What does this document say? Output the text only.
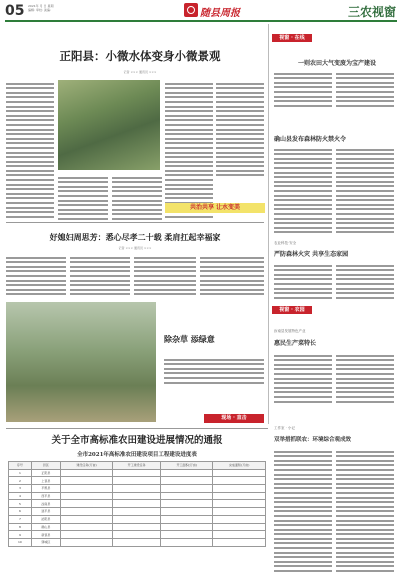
05 2021年 月 日 星期
编辑: 审校: 美编:	随县周报	三农视窗
正阳县：小微水体变身小微景观
记者 ××× 通讯员 ×××
共治共享 让水变美
好媳妇周思芳：悉心尽孝二十载 柔肩扛起幸福家
记者 ××× 通讯员 ×××
除杂草 添绿意
现场 · 直击
视窗 · 在线
一则农田大气变废为宝产建设
确山县发布森林防火禁火令
农业科技·安全
严防森林火灾 共享生态家园
视窗 · 农园
汝南县发展特色产业
惠民生产菜特长
工作室 · 小记
双举措抓联农：环境综合观成效
关于全市高标准农田建设进展情况的通报
全市2021年高标准农田建设项目工程建设进度表
序号	县区	建设任务(万亩)	开工建设任务	开工面积(万亩)	完成面积(万亩)
1	正阳县				
2	上蔡县				
3	平舆县				
4	西平县				
5	汝南县				
6	遂平县				
7	泌阳县				
8	确山县				
9	新蔡县				
10	驿城区				
